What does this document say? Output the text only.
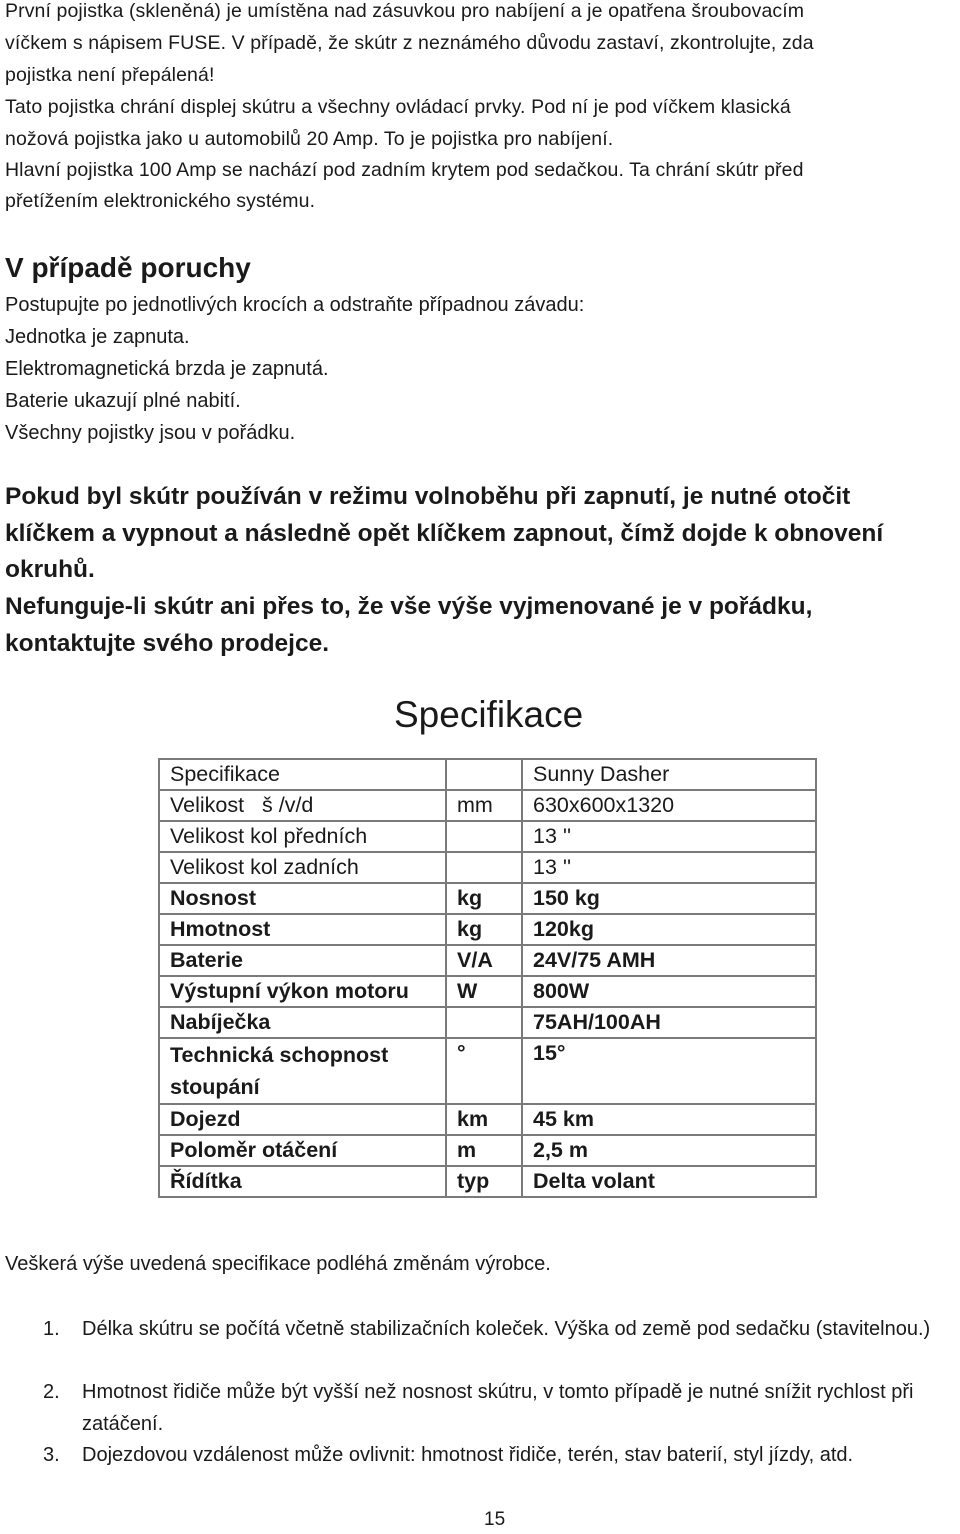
První pojistka (skleněná) je umístěna nad zásuvkou pro nabíjení a je opatřena šroubovacím
víčkem s nápisem FUSE. V případě, že skútr z neznámého důvodu zastaví, zkontrolujte, zda
pojistka není přepálená!
Tato pojistka chrání displej skútru a všechny ovládací prvky. Pod ní je pod víčkem klasická
nožová pojistka jako u automobilů 20 Amp. To je pojistka pro nabíjení.
Hlavní pojistka 100 Amp se nachází pod zadním krytem pod sedačkou. Ta chrání skútr před
přetížením elektronického systému.
V případě poruchy
Postupujte po jednotlivých krocích a odstraňte případnou závadu:
Jednotka je zapnuta.
Elektromagnetická brzda je zapnutá.
Baterie ukazují plné nabití.
Všechny pojistky jsou v pořádku.
Pokud byl skútr používán v režimu volnoběhu při zapnutí, je nutné otočit
klíčkem a vypnout a následně opět klíčkem zapnout, čímž dojde k obnovení
okruhů.
Nefunguje-li skútr ani přes to, že vše výše vyjmenované je v pořádku,
kontaktujte svého prodejce.
Specifikace
Specifikace		Sunny Dasher
Velikost   š /v/d	mm	630x600x1320
Velikost kol předních		13 ''
Velikost kol zadních		13 ''
Nosnost	kg	150 kg
Hmotnost	kg	120kg
Baterie	V/A	24V/75 AMH
Výstupní výkon motoru	W	800W
Nabíječka		75AH/100AH
Technická schopnost stoupání	°	15°
Dojezd	km	45 km
Poloměr otáčení	m	2,5 m
Řídítka	typ	Delta volant
Veškerá výše uvedená specifikace podléhá změnám výrobce.
1. Délka skútru se počítá včetně stabilizačních koleček. Výška od země pod sedačku (stavitelnou.)
2. Hmotnost řidiče může být vyšší než nosnost skútru, v tomto případě je nutné snížit rychlost při zatáčení.
3. Dojezdovou vzdálenost může ovlivnit: hmotnost řidiče, terén, stav baterií, styl jízdy, atd.
15
